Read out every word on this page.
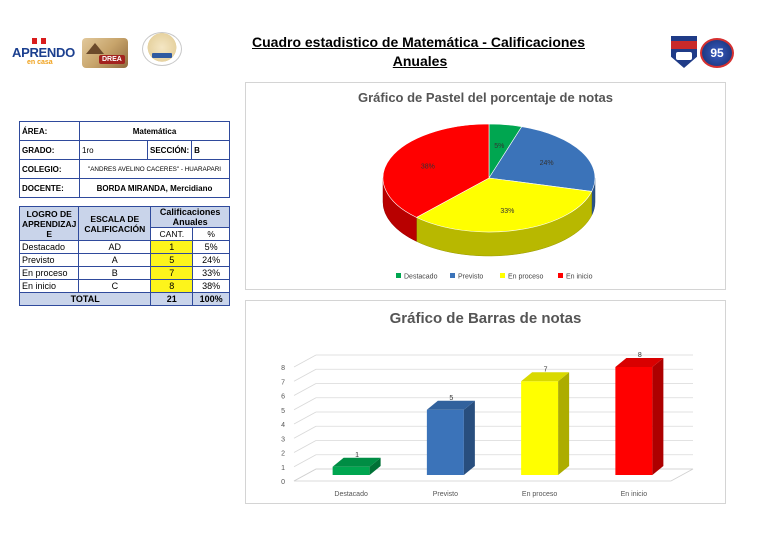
APRENDO
en casa	DREA
Cuadro estadistico de Matemática - Calificaciones
Anuales	95
ÁREA:	Matemática		
GRADO:	1ro	SECCIÓN:	B
COLEGIO:	"ANDRES AVELINO CACERES" - HUARAPARI		
DOCENTE:	BORDA MIRANDA, Mercidiano		
LOGRO DE APRENDIZAJ E	ESCALA DE CALIFICACIÓN	Calificaciones Anuales	
		CANT.	%
Destacado	AD	1	5%
Previsto	A	5	24%
En proceso	B	7	33%
En inicio	C	8	38%
TOTAL		21	100%
Gráfico de Pastel del porcentaje de notas
5%
24%
33%
38%
Destacado	Previsto	En proceso	En inicio
Gráfico de Barras de notas
0
1
2
3
4
5
6
7
8
1
Destacado
5
Previsto
7
En proceso
8
En inicio
